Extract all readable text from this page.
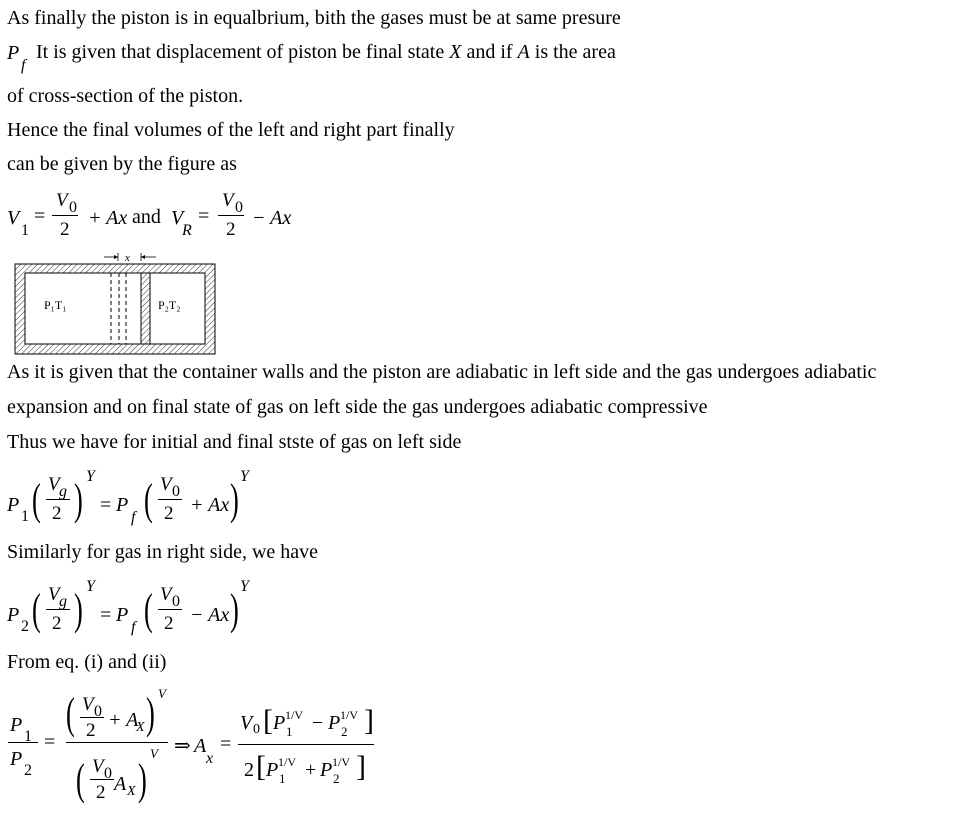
As finally the piston is in equalbrium, bith the gases must be at same presure
P
f
It is given that displacement of piston be final state X and if A is the area
of cross-section of the piston.
Hence the final volumes of the left and right part finally
can be given by the figure as
V
1
=
V 0
2
+ Ax and V
R
=
V 0
2
− Ax
x
P₁T₁	P₂T₂
As it is given that the container walls and the piston are adiabatic in left side and the gas undergoes adiabatic
expansion and on final state of gas on left side the gas undergoes adiabatic compressive
Thus we have for initial and final stste of gas on left side
P
1 ( V g
2 ) Y
= P
f ( V 0
2 + Ax ) Y
Similarly for gas in right side, we have
P
2 ( V g
2 ) Y
= P
f ( V 0
2 − Ax ) Y
From eq. (i) and (ii)
P
1
P
2
=
( V 0
2 + A
X ) V
( V 0
2 A X )
V ⇒ A
x
=
V 0 [ P 1/V
1 − P 1/V
2 ]
2 [ P 1/V
1 + P 1/V
2 ]
